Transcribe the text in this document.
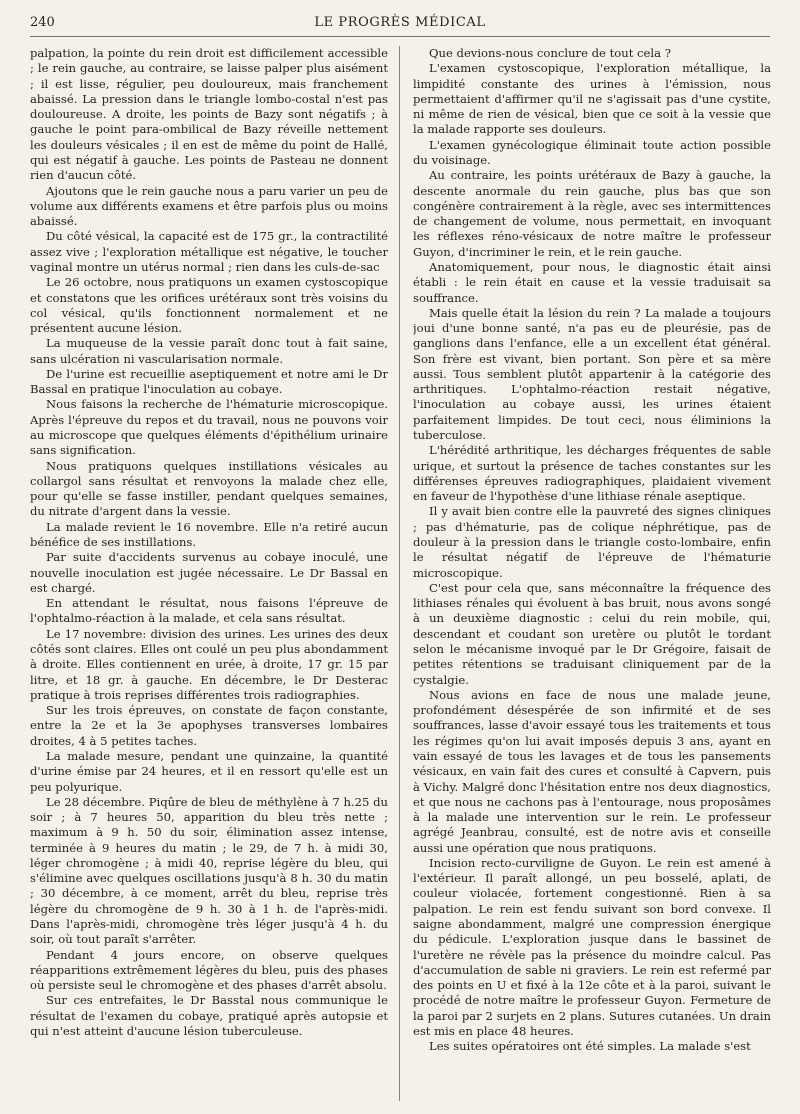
240	LE PROGRÈS MÉDICAL

palpation, la pointe du rein droit est difficilement accessible ; le rein gauche, au contraire, se laisse palper plus aisément ; il est lisse, régulier, peu douloureux, mais franchement abaissé. La pression dans le triangle lombo-costal n'est pas douloureuse. A droite, les points de Bazy sont négatifs ; à gauche le point para-ombilical de Bazy réveille nettement les douleurs vésicales ; il en est de même du point de Hallé, qui est négatif à gauche. Les points de Pasteau ne donnent rien d'aucun côté.

Ajoutons que le rein gauche nous a paru varier un peu de volume aux différents examens et être parfois plus ou moins abaissé.

Du côté vésical, la capacité est de 175 gr., la contractilité assez vive ; l'exploration métallique est négative, le toucher vaginal montre un utérus normal ; rien dans les culs-de-sac

Le 26 octobre, nous pratiquons un examen cystoscopique et constatons que les orifices urétéraux sont très voisins du col vésical, qu'ils fonctionnent normalement et ne présentent aucune lésion.

La muqueuse de la vessie paraît donc tout à fait saine, sans ulcération ni vascularisation normale.

De l'urine est recueillie aseptiquement et notre ami le Dr Bassal en pratique l'inoculation au cobaye.

Nous faisons la recherche de l'hématurie microscopique. Après l'épreuve du repos et du travail, nous ne pouvons voir au microscope que quelques éléments d'épithélium urinaire sans signification.

Nous pratiquons quelques instillations vésicales au collargol sans résultat et renvoyons la malade chez elle, pour qu'elle se fasse instiller, pendant quelques semaines, du nitrate d'argent dans la vessie.

La malade revient le 16 novembre. Elle n'a retiré aucun bénéfice de ses instillations.

Par suite d'accidents survenus au cobaye inoculé, une nouvelle inoculation est jugée nécessaire. Le Dr Bassal en est chargé.

En attendant le résultat, nous faisons l'épreuve de l'ophtalmo-réaction à la malade, et cela sans résultat.

Le 17 novembre: division des urines. Les urines des deux côtés sont claires. Elles ont coulé un peu plus abondamment à droite. Elles contiennent en urée, à droite, 17 gr. 15 par litre, et 18 gr. à gauche. En décembre, le Dr Desterac pratique à trois reprises différentes trois radiographies.

Sur les trois épreuves, on constate de façon constante, entre la 2e et la 3e apophyses transverses lombaires droites, 4 à 5 petites taches.

La malade mesure, pendant une quinzaine, la quantité d'urine émise par 24 heures, et il en ressort qu'elle est un peu polyurique.

Le 28 décembre. Piqûre de bleu de méthylène à 7 h.25 du soir ; à 7 heures 50, apparition du bleu très nette ; maximum à 9 h. 50 du soir, élimination assez intense, terminée à 9 heures du matin ; le 29, de 7 h. à midi 30, léger chromogène ; à midi 40, reprise légère du bleu, qui s'élimine avec quelques oscillations jusqu'à 8 h. 30 du matin ; 30 décembre, à ce moment, arrêt du bleu, reprise très légère du chromogène de 9 h. 30 à 1 h. de l'après-midi. Dans l'après-midi, chromogène très léger jusqu'à 4 h. du soir, où tout paraît s'arrêter.

Pendant 4 jours encore, on observe quelques réapparitions extrêmement légères du bleu, puis des phases où persiste seul le chromogène et des phases d'arrêt absolu.

Sur ces entrefaites, le Dr Basstal nous communique le résultat de l'examen du cobaye, pratiqué après autopsie et qui n'est atteint d'aucune lésion tuberculeuse.

Que devions-nous conclure de tout cela ?

L'examen cystoscopique, l'exploration métallique, la limpidité constante des urines à l'émission, nous permettaient d'affirmer qu'il ne s'agissait pas d'une cystite, ni même de rien de vésical, bien que ce soit à la vessie que la malade rapporte ses douleurs.

L'examen gynécologique éliminait toute action possible du voisinage.

Au contraire, les points urétéraux de Bazy à gauche, la descente anormale du rein gauche, plus bas que son congénère contrairement à la règle, avec ses intermittences de changement de volume, nous permettait, en invoquant les réflexes réno-vésicaux de notre maître le professeur Guyon, d'incriminer le rein, et le rein gauche.

Anatomiquement, pour nous, le diagnostic était ainsi établi : le rein était en cause et la vessie traduisait sa souffrance.

Mais quelle était la lésion du rein ? La malade a toujours joui d'une bonne santé, n'a pas eu de pleurésie, pas de ganglions dans l'enfance, elle a un excellent état général. Son frère est vivant, bien portant. Son père et sa mère aussi. Tous semblent plutôt appartenir à la catégorie des arthritiques. L'ophtalmo-réaction restait négative, l'inoculation au cobaye aussi, les urines étaient parfaitement limpides. De tout ceci, nous éliminions la tuberculose.

L'hérédité arthritique, les décharges fréquentes de sable urique, et surtout la présence de taches constantes sur les différenses épreuves radiographiques, plaidaient vivement en faveur de l'hypothèse d'une lithiase rénale aseptique.

Il y avait bien contre elle la pauvreté des signes cliniques ; pas d'hématurie, pas de colique néphrétique, pas de douleur à la pression dans le triangle costo-lombaire, enfin le résultat négatif de l'épreuve de l'hématurie microscopique.

C'est pour cela que, sans méconnaître la fréquence des lithiases rénales qui évoluent à bas bruit, nous avons songé à un deuxième diagnostic : celui du rein mobile, qui, descendant et coudant son uretère ou plutôt le tordant selon le mécanisme invoqué par le Dr Grégoire, faisait de petites rétentions se traduisant cliniquement par de la cystalgie.

Nous avions en face de nous une malade jeune, profondément désespérée de son infirmité et de ses souffrances, lasse d'avoir essayé tous les traitements et tous les régimes qu'on lui avait imposés depuis 3 ans, ayant en vain essayé de tous les lavages et de tous les pansements vésicaux, en vain fait des cures et consulté à Capvern, puis à Vichy. Malgré donc l'hésitation entre nos deux diagnostics, et que nous ne cachons pas à l'entourage, nous proposâmes à la malade une intervention sur le rein. Le professeur agrégé Jeanbrau, consulté, est de notre avis et conseille aussi une opération que nous pratiquons.

Incision recto-curviligne de Guyon. Le rein est amené à l'extérieur. Il paraît allongé, un peu bosselé, aplati, de couleur violacée, fortement congestionné. Rien à sa palpation. Le rein est fendu suivant son bord convexe. Il saigne abondamment, malgré une compression énergique du pédicule. L'exploration jusque dans le bassinet de l'uretère ne révèle pas la présence du moindre calcul. Pas d'accumulation de sable ni graviers. Le rein est refermé par des points en U et fixé à la 12e côte et à la paroi, suivant le procédé de notre maître le professeur Guyon. Fermeture de la paroi par 2 surjets en 2 plans. Sutures cutanées. Un drain est mis en place 48 heures.

Les suites opératoires ont été simples. La malade s'est
